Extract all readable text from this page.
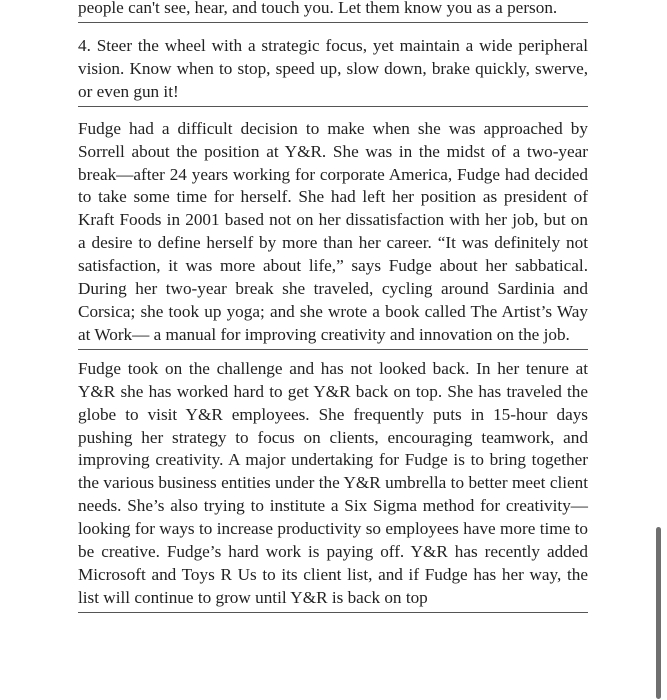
people can't see, hear, and touch you. Let them know you as a person.

4. Steer the wheel with a strategic focus, yet maintain a wide peripheral vision. Know when to stop, speed up, slow down, brake quickly, swerve, or even gun it!

Fudge had a difficult decision to make when she was approached by Sorrell about the position at Y&R. She was in the midst of a two-year break—after 24 years working for corporate America, Fudge had decided to take some time for herself. She had left her position as president of Kraft Foods in 2001 based not on her dissatisfaction with her job, but on a desire to define herself by more than her career. “It was definitely not satisfaction, it was more about life,” says Fudge about her sabbatical. During her two-year break she traveled, cycling around Sardinia and Corsica; she took up yoga; and she wrote a book called The Artist’s Way at Work— a manual for improving creativity and innovation on the job.

Fudge took on the challenge and has not looked back. In her tenure at Y&R she has worked hard to get Y&R back on top. She has traveled the globe to visit Y&R employees. She frequently puts in 15-hour days pushing her strategy to focus on clients, encouraging teamwork, and improving creativity. A major undertaking for Fudge is to bring together the various business entities under the Y&R umbrella to better meet client needs. She’s also trying to institute a Six Sigma method for creativity—looking for ways to increase productivity so employees have more time to be creative. Fudge’s hard work is paying off. Y&R has recently added Microsoft and Toys R Us to its client list, and if Fudge has her way, the list will continue to grow until Y&R is back on top
